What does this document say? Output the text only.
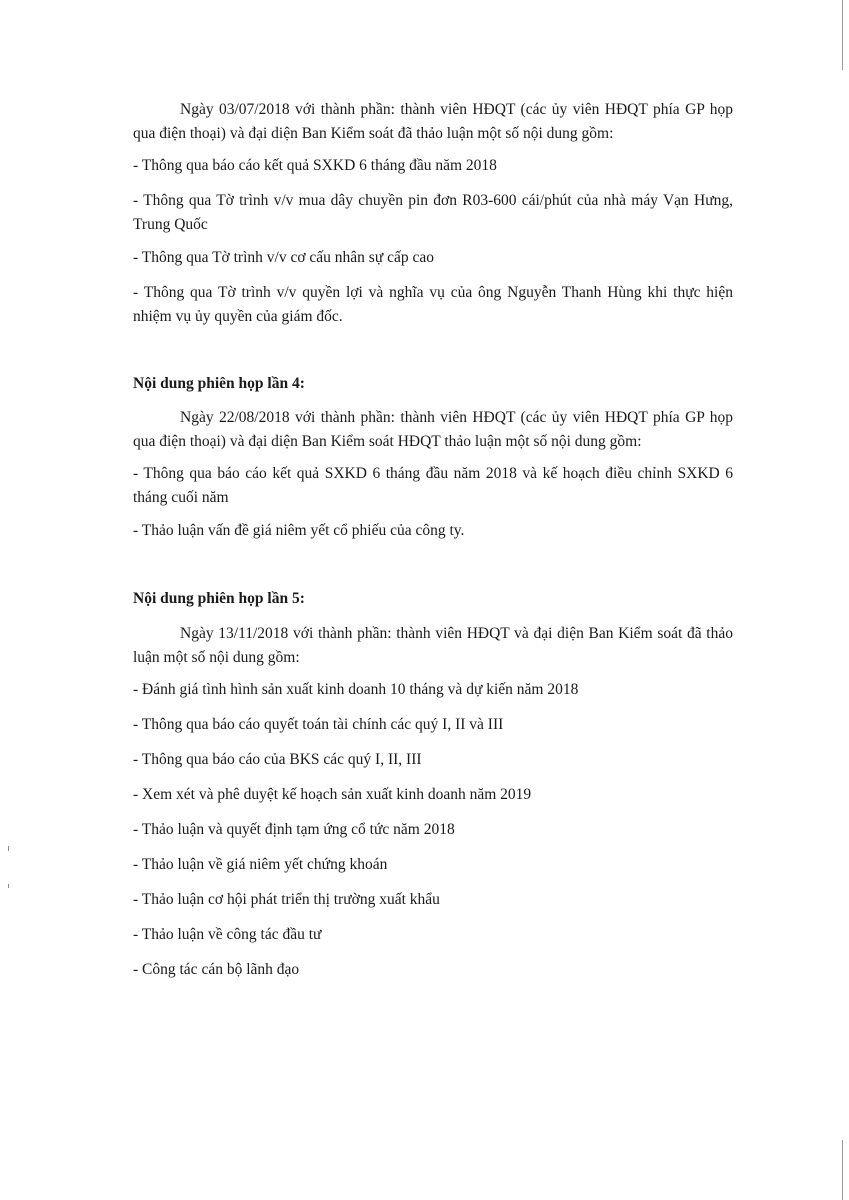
Ngày 03/07/2018 với thành phần: thành viên HĐQT (các ủy viên HĐQT phía GP họp qua điện thoại) và đại diện Ban Kiểm soát đã thảo luận một số nội dung gồm:
- Thông qua báo cáo kết quả SXKD 6 tháng đầu năm 2018
- Thông qua Tờ trình v/v mua dây chuyền pin đơn R03-600 cái/phút của nhà máy Vạn Hưng, Trung Quốc
- Thông qua Tờ trình v/v cơ cấu nhân sự cấp cao
- Thông qua Tờ trình v/v quyền lợi và nghĩa vụ của ông Nguyễn Thanh Hùng khi thực hiện nhiệm vụ ủy quyền của giám đốc.
Nội dung phiên họp lần 4:
Ngày 22/08/2018 với thành phần: thành viên HĐQT (các ủy viên HĐQT phía GP họp qua điện thoại) và đại diện Ban Kiểm soát HĐQT thảo luận một số nội dung gồm:
- Thông qua báo cáo kết quả SXKD 6 tháng đầu năm 2018 và kế hoạch điều chỉnh SXKD 6 tháng cuối năm
- Thảo luận vấn đề giá niêm yết cổ phiếu của công ty.
Nội dung phiên họp lần 5:
Ngày 13/11/2018 với thành phần: thành viên HĐQT và đại diện Ban Kiểm soát đã thảo luận một số nội dung gồm:
- Đánh giá tình hình sản xuất kinh doanh 10 tháng và dự kiến năm 2018
- Thông qua báo cáo quyết toán tài chính các quý I, II và III
- Thông qua báo cáo của BKS các quý I, II, III
- Xem xét và phê duyệt kế hoạch sản xuất kinh doanh năm 2019
- Thảo luận và quyết định tạm ứng cổ tức năm 2018
- Thảo luận về giá niêm yết chứng khoán
- Thảo luận cơ hội phát triển thị trường xuất khẩu
- Thảo luận về công tác đầu tư
- Công tác cán bộ lãnh đạo
